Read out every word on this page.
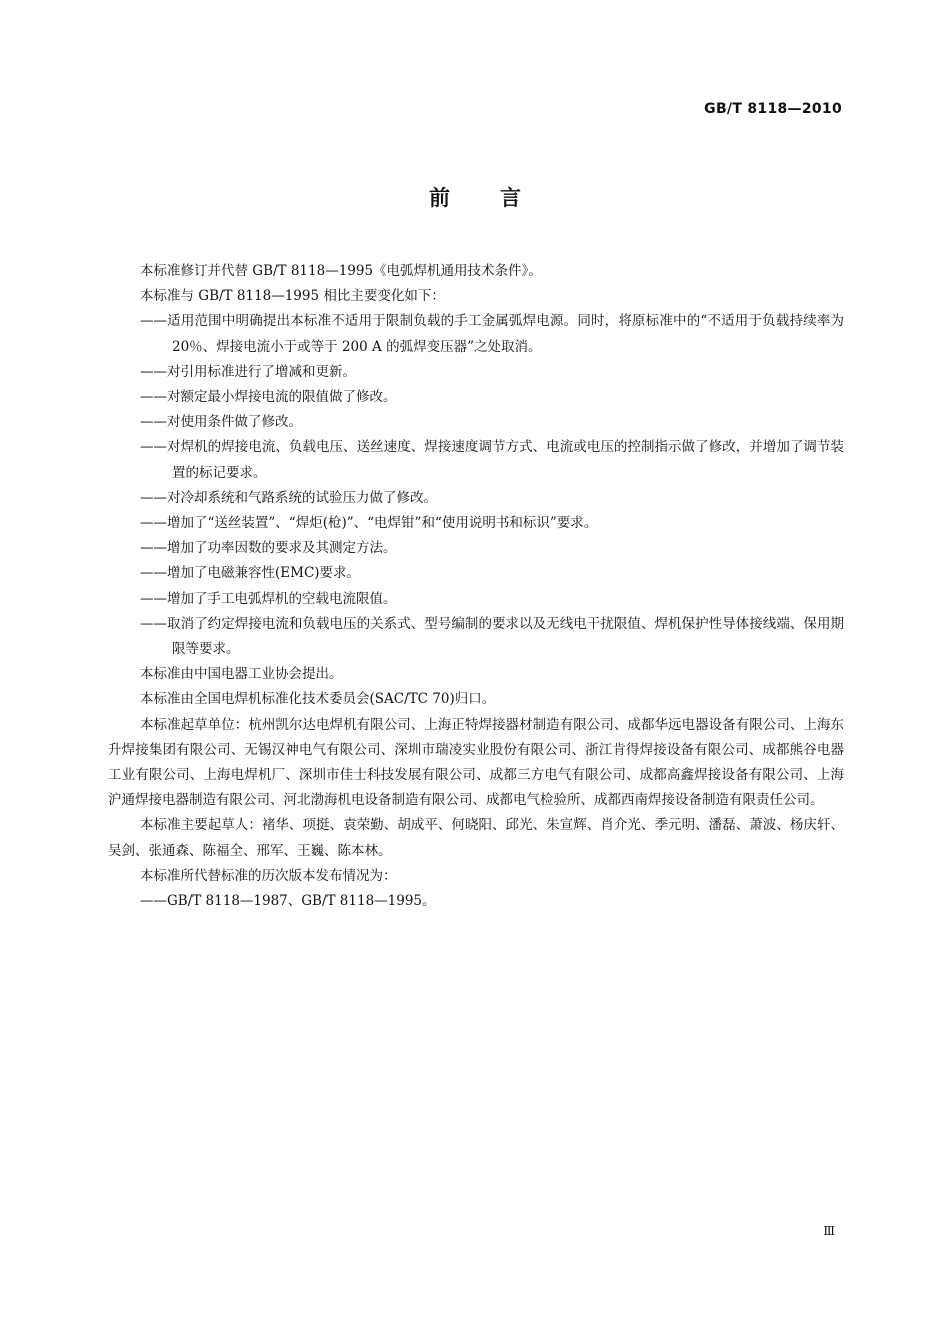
GB/T 8118—2010
前言

本标准修订并代替 GB/T 8118—1995《电弧焊机通用技术条件》。

本标准与 GB/T 8118—1995 相比主要变化如下：

——适用范围中明确提出本标准不适用于限制负载的手工金属弧焊电源。同时，将原标准中的“不适用于负载持续率为 20％、焊接电流小于或等于 200 A 的弧焊变压器”之处取消。

——对引用标准进行了增减和更新。

——对额定最小焊接电流的限值做了修改。

——对使用条件做了修改。

——对焊机的焊接电流、负载电压、送丝速度、焊接速度调节方式、电流或电压的控制指示做了修改，并增加了调节装置的标记要求。

——对冷却系统和气路系统的试验压力做了修改。

——增加了“送丝装置”、“焊炬(枪)”、“电焊钳”和“使用说明书和标识”要求。

——增加了功率因数的要求及其测定方法。

——增加了电磁兼容性(EMC)要求。

——增加了手工电弧焊机的空载电流限值。

——取消了约定焊接电流和负载电压的关系式、型号编制的要求以及无线电干扰限值、焊机保护性导体接线端、保用期限等要求。

本标准由中国电器工业协会提出。

本标准由全国电焊机标准化技术委员会(SAC/TC 70)归口。

本标准起草单位：杭州凯尔达电焊机有限公司、上海正特焊接器材制造有限公司、成都华远电器设备有限公司、上海东升焊接集团有限公司、无锡汉神电气有限公司、深圳市瑞凌实业股份有限公司、浙江肯得焊接设备有限公司、成都熊谷电器工业有限公司、上海电焊机厂、深圳市佳士科技发展有限公司、成都三方电气有限公司、成都高鑫焊接设备有限公司、上海沪通焊接电器制造有限公司、河北渤海机电设备制造有限公司、成都电气检验所、成都西南焊接设备制造有限责任公司。

本标准主要起草人：褚华、项挺、袁荣勤、胡成平、何晓阳、邱光、朱宣辉、肖介光、季元明、潘磊、萧波、杨庆轩、吴剑、张通森、陈福全、邢军、王巍、陈本林。

本标准所代替标准的历次版本发布情况为：

——GB/T 8118—1987、GB/T 8118—1995。

Ⅲ
